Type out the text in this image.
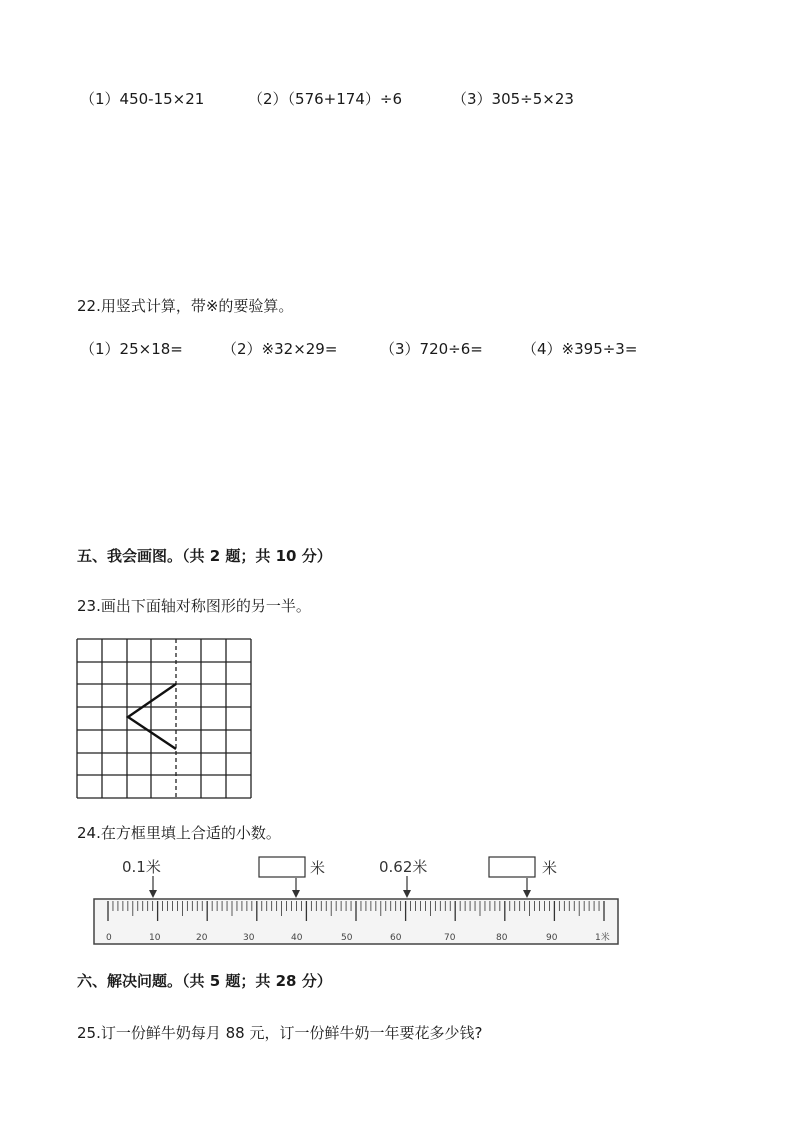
（1）450-15×21	（2）（576+174）÷6	（3）305÷5×23
22.用竖式计算，带※的要验算。
（1）25×18=	（2）※32×29=	（3）720÷6=	（4）※395÷3=
五、我会画图。（共 2 题；共 10 分）
23.画出下面轴对称图形的另一半。
24.在方框里填上合适的小数。
0.1米	米	0.62米	米
0	10	20	30	40	50	60	70	80	90	1米
六、解决问题。（共 5 题；共 28 分）
25.订一份鲜牛奶每月 88 元，订一份鲜牛奶一年要花多少钱?
